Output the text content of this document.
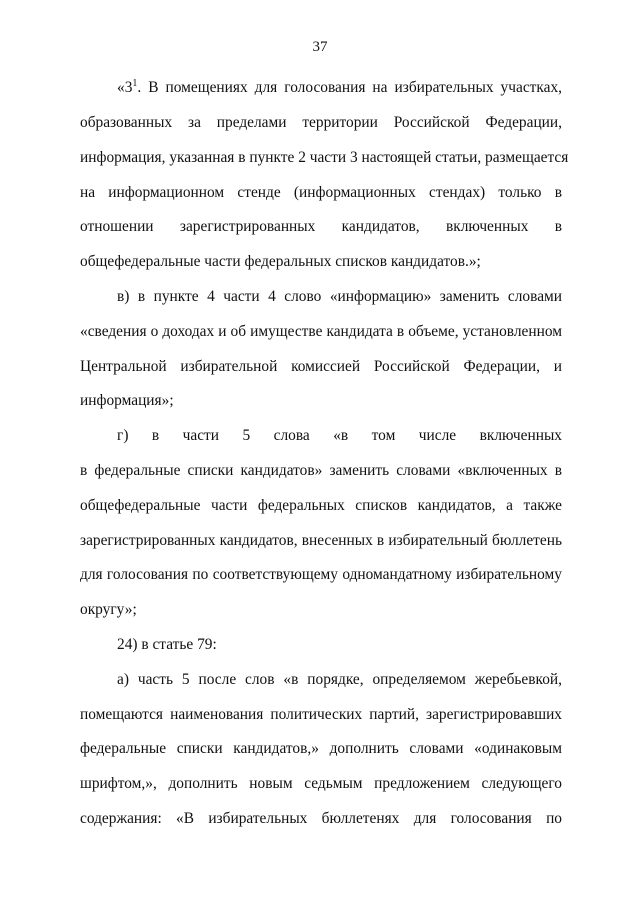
37
«$3^1$. В помещениях для голосования на избирательных участках,
образованных за пределами территории Российской Федерации,
информация, указанная в пункте 2 части 3 настоящей статьи, размещается
на информационном стенде (информационных стендах) только в
отношении зарегистрированных кандидатов, включенных в
общефедеральные части федеральных списков кандидатов.»;
в) в пункте 4 части 4 слово «информацию» заменить словами
«сведения о доходах и об имуществе кандидата в объеме, установленном
Центральной избирательной комиссией Российской Федерации, и
информация»;
г) в части 5 слова «в том числе включенных
в федеральные списки кандидатов» заменить словами «включенных в
общефедеральные части федеральных списков кандидатов, а также
зарегистрированных кандидатов, внесенных в избирательный бюллетень
для голосования по соответствующему одномандатному избирательному
округу»;
24) в статье 79:
а) часть 5 после слов «в порядке, определяемом жеребьевкой,
помещаются наименования политических партий, зарегистрировавших
федеральные списки кандидатов,» дополнить словами «одинаковым
шрифтом,», дополнить новым седьмым предложением следующего
содержания: «В избирательных бюллетенях для голосования по
